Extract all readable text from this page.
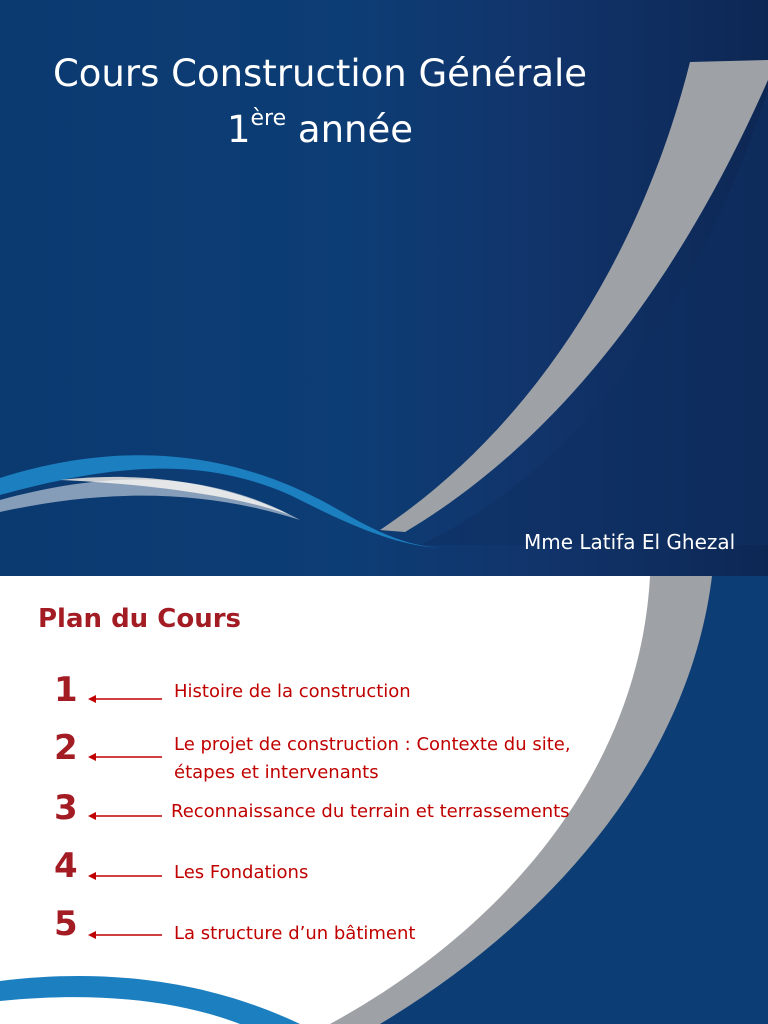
Cours Construction Générale
1ère année
Mme Latifa El Ghezal
Plan du Cours
1	Histoire de la construction
2	Le projet de construction : Contexte du site,
étapes et intervenants
3	Reconnaissance du terrain et terrassements
4	Les Fondations
5	La structure d’un bâtiment
